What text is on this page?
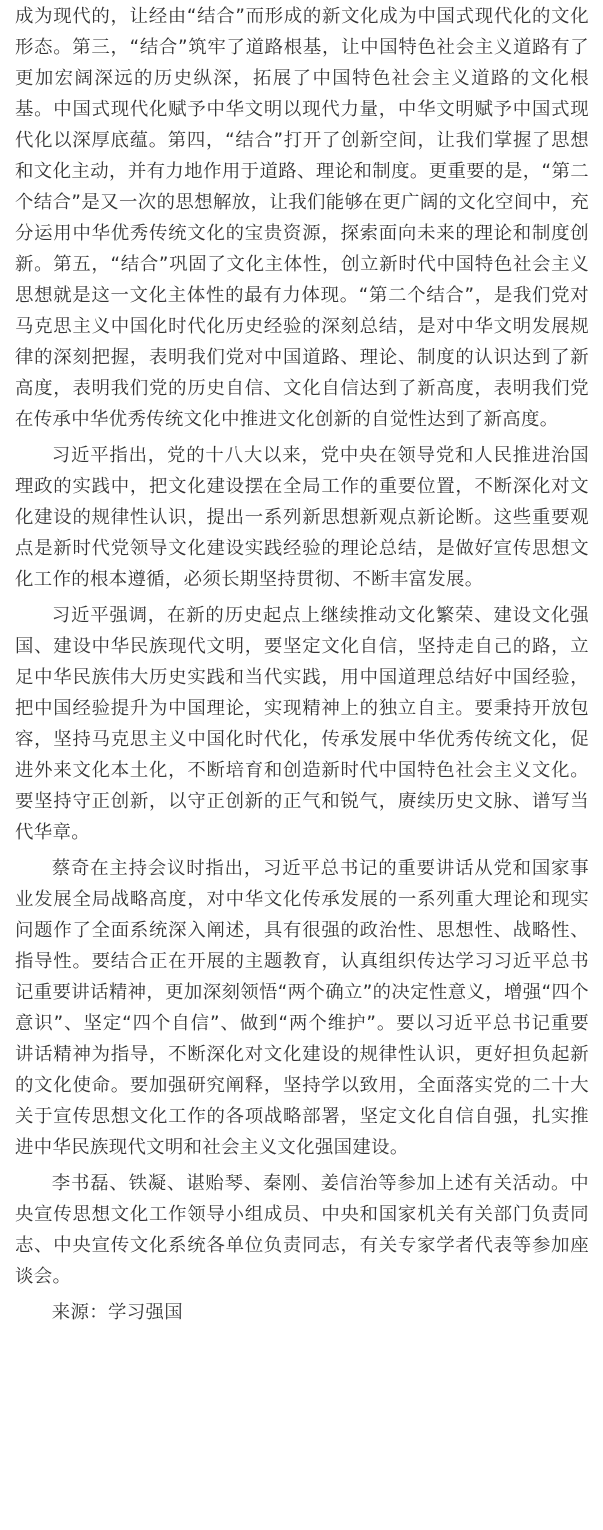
成为现代的，让经由“结合”而形成的新文化成为中国式现代化的文化形态。第三，“结合”筑牢了道路根基，让中国特色社会主义道路有了更加宏阔深远的历史纵深，拓展了中国特色社会主义道路的文化根基。中国式现代化赋予中华文明以现代力量，中华文明赋予中国式现代化以深厚底蕴。第四，“结合”打开了创新空间，让我们掌握了思想和文化主动，并有力地作用于道路、理论和制度。更重要的是，“第二个结合”是又一次的思想解放，让我们能够在更广阔的文化空间中，充分运用中华优秀传统文化的宝贵资源，探索面向未来的理论和制度创新。第五，“结合”巩固了文化主体性，创立新时代中国特色社会主义思想就是这一文化主体性的最有力体现。“第二个结合”，是我们党对马克思主义中国化时代化历史经验的深刻总结，是对中华文明发展规律的深刻把握，表明我们党对中国道路、理论、制度的认识达到了新高度，表明我们党的历史自信、文化自信达到了新高度，表明我们党在传承中华优秀传统文化中推进文化创新的自觉性达到了新高度。

习近平指出，党的十八大以来，党中央在领导党和人民推进治国理政的实践中，把文化建设摆在全局工作的重要位置，不断深化对文化建设的规律性认识，提出一系列新思想新观点新论断。这些重要观点是新时代党领导文化建设实践经验的理论总结，是做好宣传思想文化工作的根本遵循，必须长期坚持贯彻、不断丰富发展。

习近平强调，在新的历史起点上继续推动文化繁荣、建设文化强国、建设中华民族现代文明，要坚定文化自信，坚持走自己的路，立足中华民族伟大历史实践和当代实践，用中国道理总结好中国经验，把中国经验提升为中国理论，实现精神上的独立自主。要秉持开放包容，坚持马克思主义中国化时代化，传承发展中华优秀传统文化，促进外来文化本土化，不断培育和创造新时代中国特色社会主义文化。要坚持守正创新，以守正创新的正气和锐气，赓续历史文脉、谱写当代华章。

蔡奇在主持会议时指出，习近平总书记的重要讲话从党和国家事业发展全局战略高度，对中华文化传承发展的一系列重大理论和现实问题作了全面系统深入阐述，具有很强的政治性、思想性、战略性、指导性。要结合正在开展的主题教育，认真组织传达学习习近平总书记重要讲话精神，更加深刻领悟“两个确立”的决定性意义，增强“四个意识”、坚定“四个自信”、做到“两个维护”。要以习近平总书记重要讲话精神为指导，不断深化对文化建设的规律性认识，更好担负起新的文化使命。要加强研究阐释，坚持学以致用，全面落实党的二十大关于宣传思想文化工作的各项战略部署，坚定文化自信自强，扎实推进中华民族现代文明和社会主义文化强国建设。

李书磊、铁凝、谌贻琴、秦刚、姜信治等参加上述有关活动。中央宣传思想文化工作领导小组成员、中央和国家机关有关部门负责同志、中央宣传文化系统各单位负责同志，有关专家学者代表等参加座谈会。

来源：学习强国
